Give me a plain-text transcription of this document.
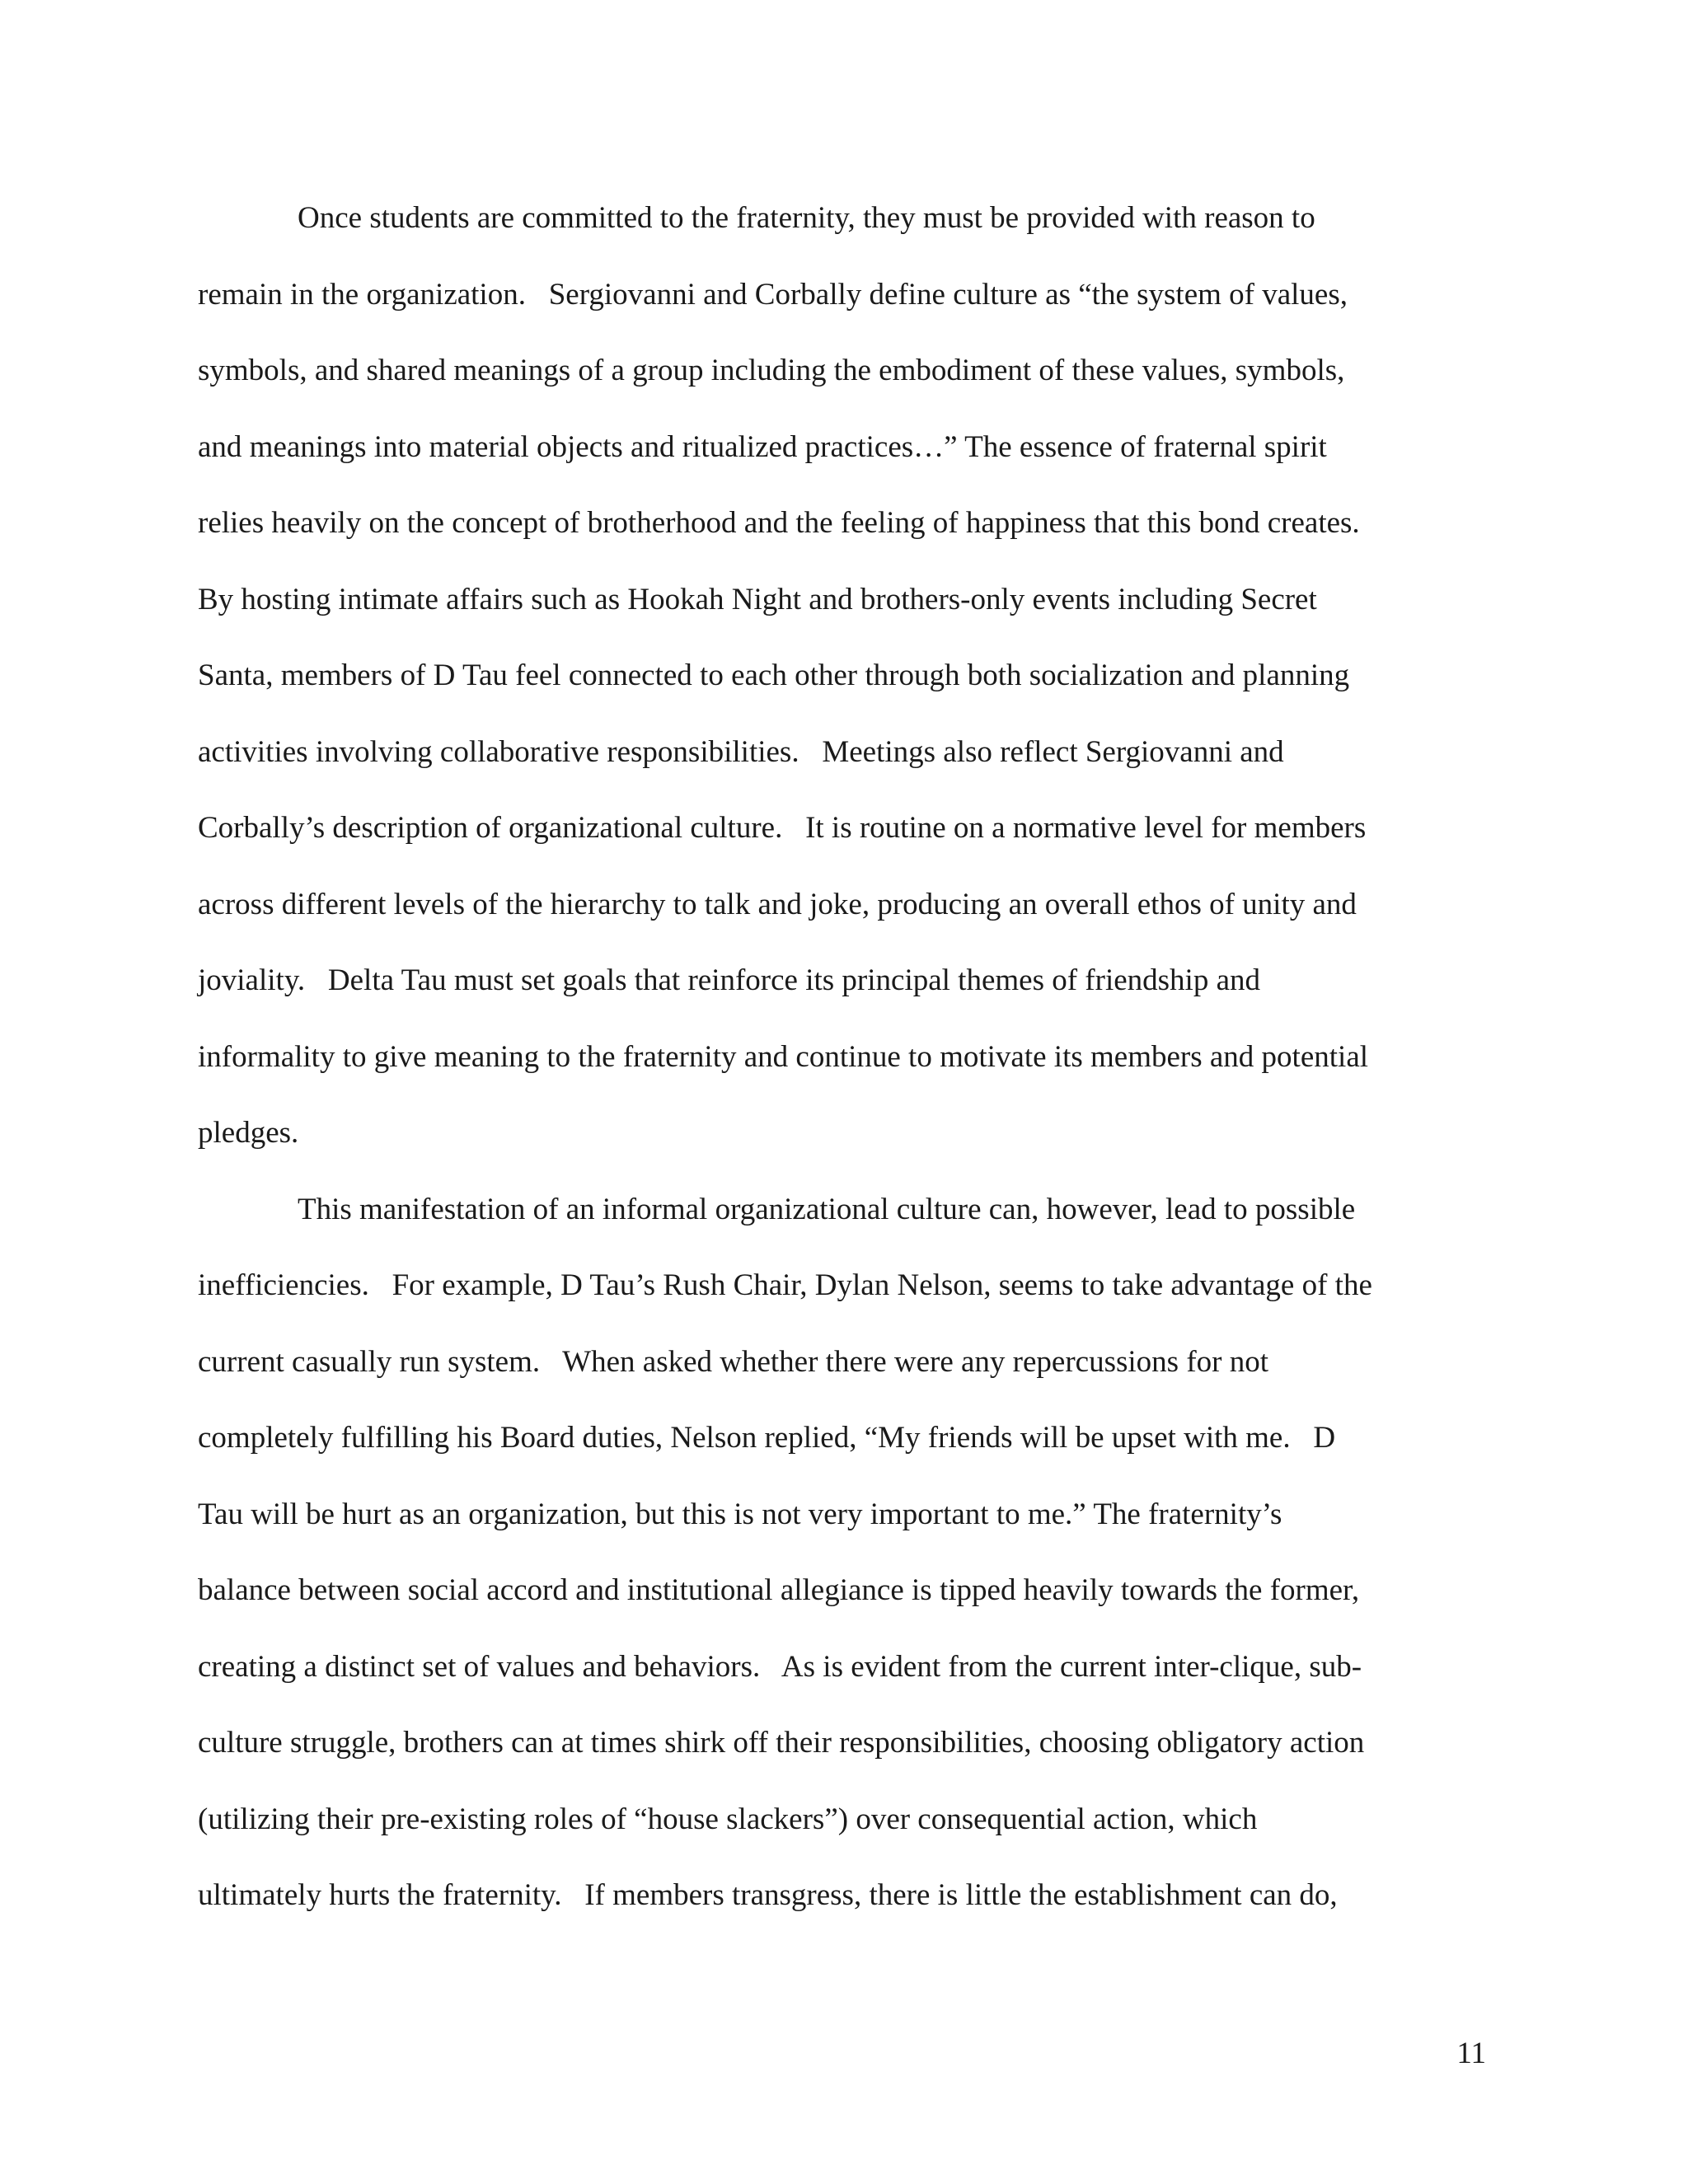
Once students are committed to the fraternity, they must be provided with reason to
remain in the organization.   Sergiovanni and Corbally define culture as “the system of values,
symbols, and shared meanings of a group including the embodiment of these values, symbols,
and meanings into material objects and ritualized practices…” The essence of fraternal spirit
relies heavily on the concept of brotherhood and the feeling of happiness that this bond creates.
By hosting intimate affairs such as Hookah Night and brothers-only events including Secret
Santa, members of D Tau feel connected to each other through both socialization and planning
activities involving collaborative responsibilities.   Meetings also reflect Sergiovanni and
Corbally’s description of organizational culture.   It is routine on a normative level for members
across different levels of the hierarchy to talk and joke, producing an overall ethos of unity and
joviality.   Delta Tau must set goals that reinforce its principal themes of friendship and
informality to give meaning to the fraternity and continue to motivate its members and potential
pledges.
This manifestation of an informal organizational culture can, however, lead to possible
inefficiencies.   For example, D Tau’s Rush Chair, Dylan Nelson, seems to take advantage of the
current casually run system.   When asked whether there were any repercussions for not
completely fulfilling his Board duties, Nelson replied, “My friends will be upset with me.   D
Tau will be hurt as an organization, but this is not very important to me.” The fraternity’s
balance between social accord and institutional allegiance is tipped heavily towards the former,
creating a distinct set of values and behaviors.   As is evident from the current inter-clique, sub-
culture struggle, brothers can at times shirk off their responsibilities, choosing obligatory action
(utilizing their pre-existing roles of “house slackers”) over consequential action, which
ultimately hurts the fraternity.   If members transgress, there is little the establishment can do,
11
